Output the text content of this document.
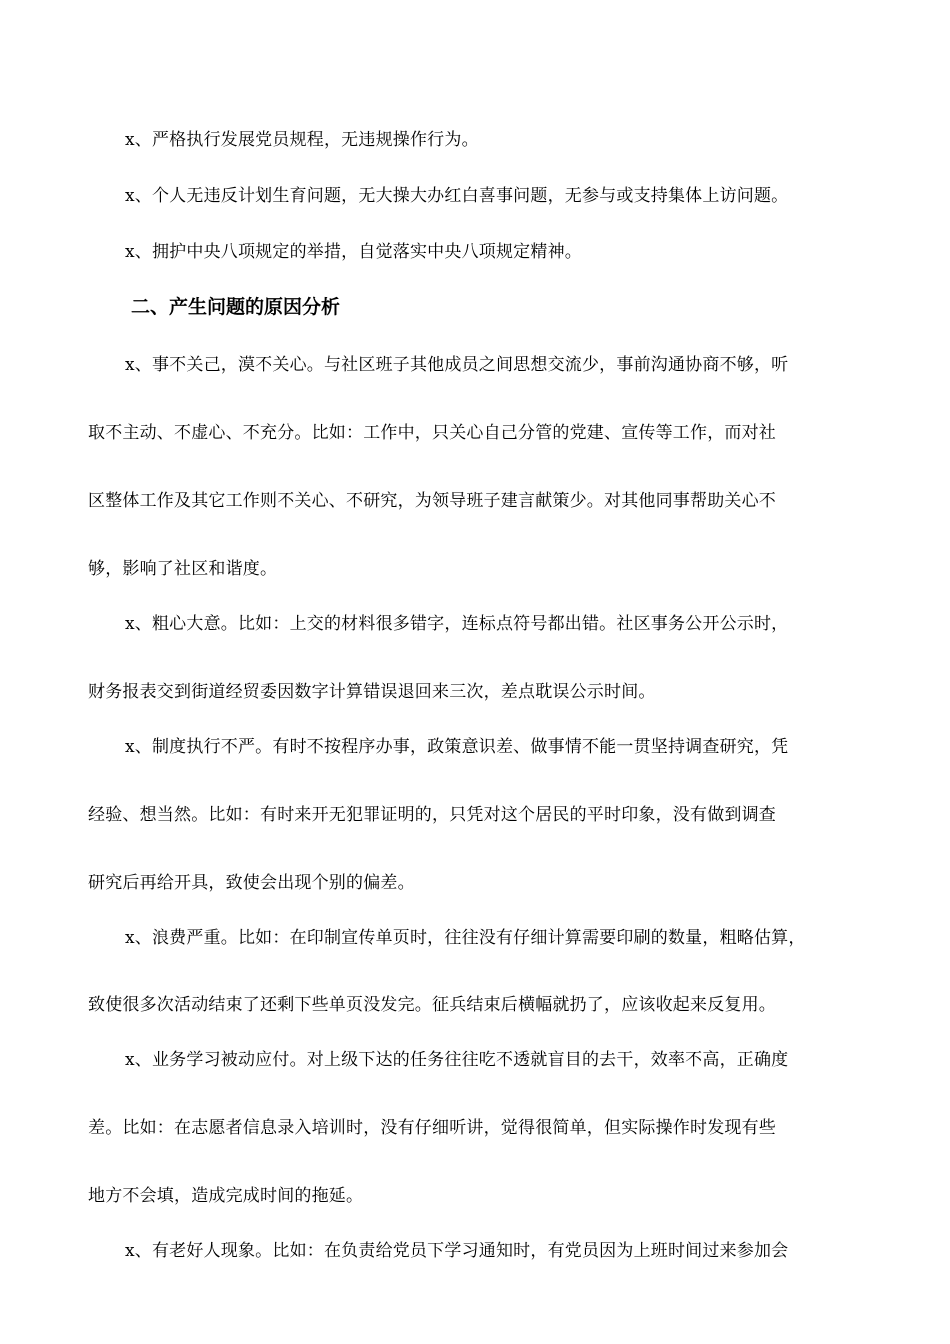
x、严格执行发展党员规程，无违规操作行为。
x、个人无违反计划生育问题，无大操大办红白喜事问题，无参与或支持集体上访问题。
x、拥护中央八项规定的举措，自觉落实中央八项规定精神。
二、产生问题的原因分析
x、事不关己，漠不关心。与社区班子其他成员之间思想交流少，事前沟通协商不够，听
取不主动、不虚心、不充分。比如：工作中，只关心自己分管的党建、宣传等工作，而对社
区整体工作及其它工作则不关心、不研究，为领导班子建言献策少。对其他同事帮助关心不
够，影响了社区和谐度。
x、粗心大意。比如：上交的材料很多错字，连标点符号都出错。社区事务公开公示时，
财务报表交到街道经贸委因数字计算错误退回来三次，差点耽误公示时间。
x、制度执行不严。有时不按程序办事，政策意识差、做事情不能一贯坚持调查研究，凭
经验、想当然。比如：有时来开无犯罪证明的，只凭对这个居民的平时印象，没有做到调查
研究后再给开具，致使会出现个别的偏差。
x、浪费严重。比如：在印制宣传单页时，往往没有仔细计算需要印刷的数量，粗略估算，
致使很多次活动结束了还剩下些单页没发完。征兵结束后横幅就扔了，应该收起来反复用。
x、业务学习被动应付。对上级下达的任务往往吃不透就盲目的去干，效率不高，正确度
差。比如：在志愿者信息录入培训时，没有仔细听讲，觉得很简单，但实际操作时发现有些
地方不会填，造成完成时间的拖延。
x、有老好人现象。比如：在负责给党员下学习通知时，有党员因为上班时间过来参加会
